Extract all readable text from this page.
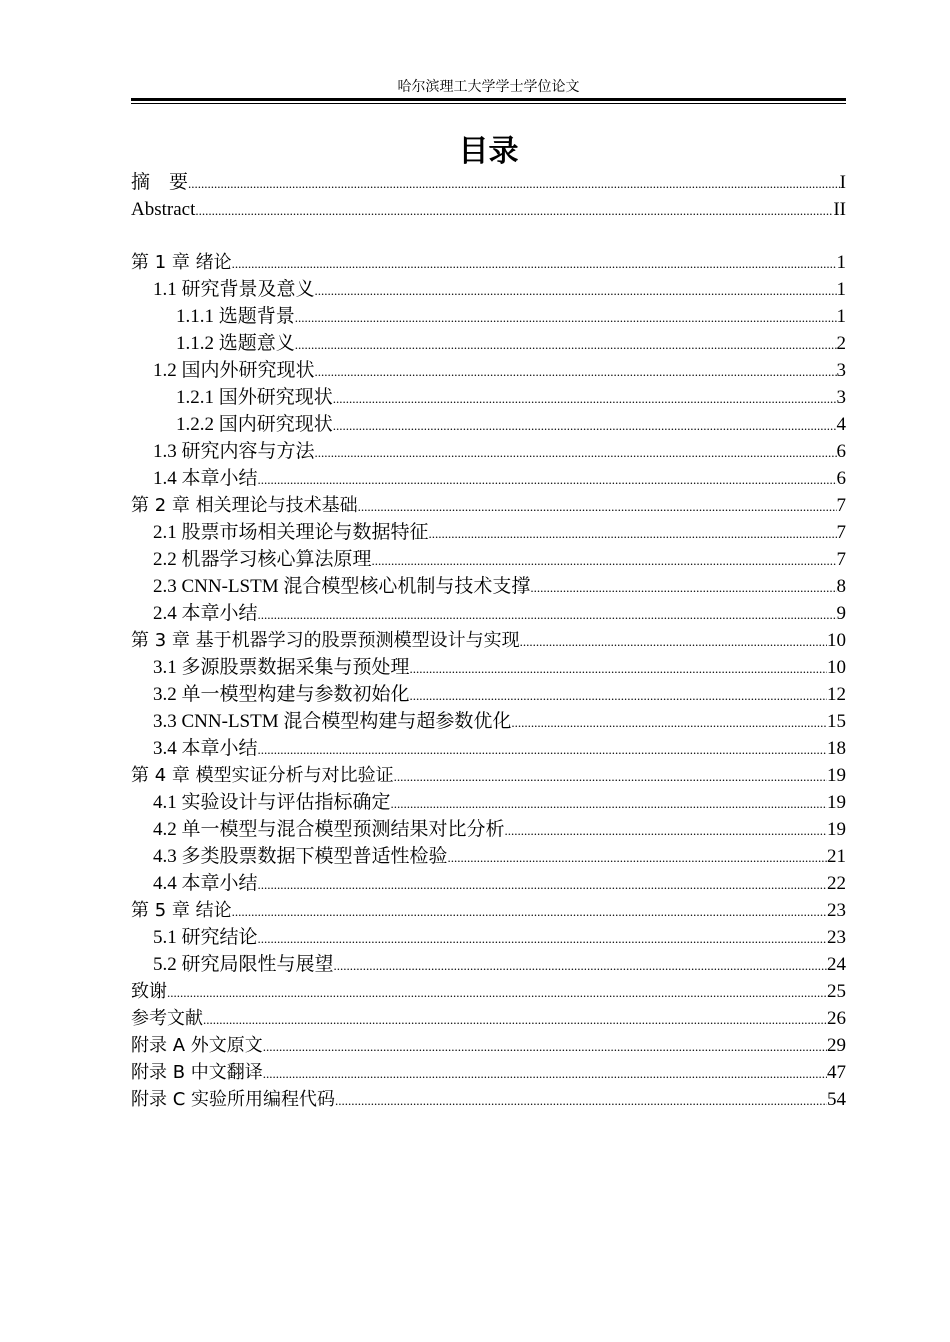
哈尔滨理工大学学士学位论文
目录
摘　要 .....	I
Abstract .....	II
第 1 章 绪论 .....	1
1.1 研究背景及意义 .....	1
1.1.1 选题背景 .....	1
1.1.2 选题意义 .....	2
1.2 国内外研究现状 .....	3
1.2.1 国外研究现状 .....	3
1.2.2 国内研究现状 .....	4
1.3 研究内容与方法 .....	6
1.4 本章小结 .....	6
第 2 章 相关理论与技术基础 .....	7
2.1 股票市场相关理论与数据特征 .....	7
2.2 机器学习核心算法原理 .....	7
2.3 CNN-LSTM 混合模型核心机制与技术支撑 .....	8
2.4 本章小结 .....	9
第 3 章 基于机器学习的股票预测模型设计与实现 .....	10
3.1 多源股票数据采集与预处理 .....	10
3.2 单一模型构建与参数初始化 .....	12
3.3 CNN-LSTM 混合模型构建与超参数优化 .....	15
3.4 本章小结 .....	18
第 4 章 模型实证分析与对比验证 .....	19
4.1 实验设计与评估指标确定 .....	19
4.2 单一模型与混合模型预测结果对比分析 .....	19
4.3 多类股票数据下模型普适性检验 .....	21
4.4 本章小结 .....	22
第 5 章 结论 .....	23
5.1 研究结论 .....	23
5.2 研究局限性与展望 .....	24
致谢 .....	25
参考文献 .....	26
附录 A 外文原文 .....	29
附录 B 中文翻译 .....	47
附录 C 实验所用编程代码 .....	54
